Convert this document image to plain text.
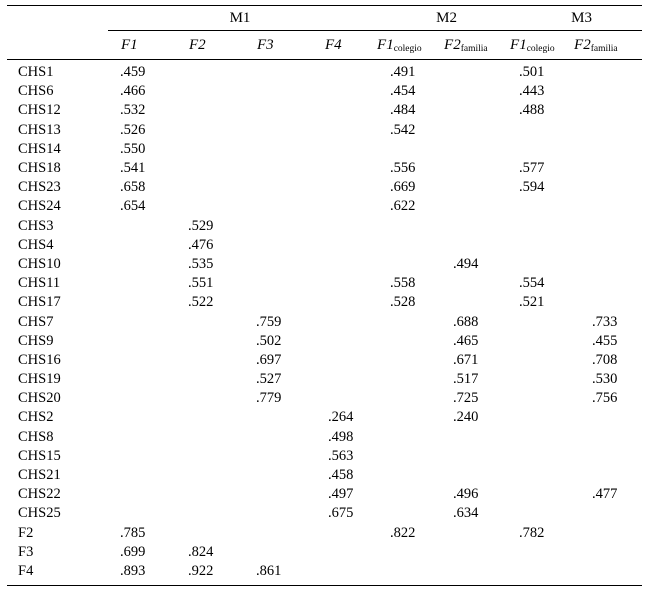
	M1				M2		M3	
	F1	F2	F3	F4	$F1_{colegio}$	$F2_{familia}$	$F1_{colegio}$	$F2_{familia}$
CHS1	.459				.491		.501	
CHS6	.466				.454		.443	
CHS12	.532				.484		.488	
CHS13	.526				.542			
CHS14	.550							
CHS18	.541				.556		.577	
CHS23	.658				.669		.594	
CHS24	.654				.622			
CHS3		.529						
CHS4		.476						
CHS10		.535				.494		
CHS11		.551			.558		.554	
CHS17		.522			.528		.521	
CHS7			.759			.688		.733
CHS9			.502			.465		.455
CHS16			.697			.671		.708
CHS19			.527			.517		.530
CHS20			.779			.725		.756
CHS2				.264		.240		
CHS8				.498				
CHS15				.563				
CHS21				.458				
CHS22				.497		.496		.477
CHS25				.675		.634		
F2	.785				.822		.782	
F3	.699	.824						
F4	.893	.922	.861					
